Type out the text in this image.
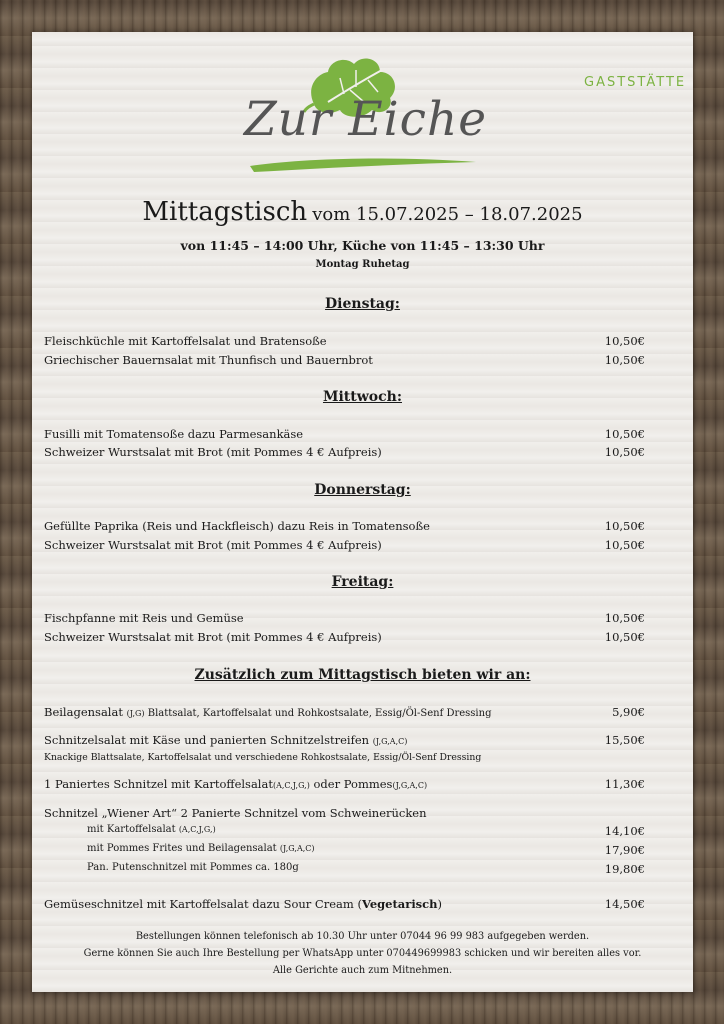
GASTSTÄTTE
Zur Eiche
Mittagstisch vom 15.07.2025 – 18.07.2025
von 11:45 – 14:00 Uhr, Küche von 11:45 – 13:30 Uhr
Montag Ruhetag
Dienstag:
Fleischküchle mit Kartoffelsalat und Bratensoße	10,50€
Griechischer Bauernsalat mit Thunfisch und Bauernbrot	10,50€
Mittwoch:
Fusilli mit Tomatensoße dazu Parmesankäse	10,50€
Schweizer Wurstsalat mit Brot (mit Pommes 4 € Aufpreis)	10,50€
Donnerstag:
Gefüllte Paprika (Reis und Hackfleisch) dazu Reis in Tomatensoße	10,50€
Schweizer Wurstsalat mit Brot (mit Pommes 4 € Aufpreis)	10,50€
Freitag:
Fischpfanne mit Reis und Gemüse	10,50€
Schweizer Wurstsalat mit Brot (mit Pommes 4 € Aufpreis)	10,50€
Zusätzlich zum Mittagstisch bieten wir an:
Beilagensalat (J,G) Blattsalat, Kartoffelsalat und Rohkostsalate, Essig/Öl-Senf Dressing	5,90€
Schnitzelsalat mit Käse und panierten Schnitzelstreifen (J,G,A,C)	15,50€
Knackige Blattsalate, Kartoffelsalat und verschiedene Rohkostsalate, Essig/Öl-Senf Dressing
1 Paniertes Schnitzel mit Kartoffelsalat(A,C,J,G,) oder Pommes(J,G,A,C)	11,30€
Schnitzel „Wiener Art“ 2 Panierte Schnitzel vom Schweinerücken
mit Kartoffelsalat (A,C,J,G,)	14,10€
mit Pommes Frites und Beilagensalat (J,G,A,C)	17,90€
Pan. Putenschnitzel mit Pommes ca. 180g	19,80€
Gemüseschnitzel mit Kartoffelsalat dazu Sour Cream (Vegetarisch)	14,50€
Bestellungen können telefonisch ab 10.30 Uhr unter 07044 96 99 983 aufgegeben werden.
Gerne können Sie auch Ihre Bestellung per WhatsApp unter 070449699983 schicken und wir bereiten alles vor.
Alle Gerichte auch zum Mitnehmen.
